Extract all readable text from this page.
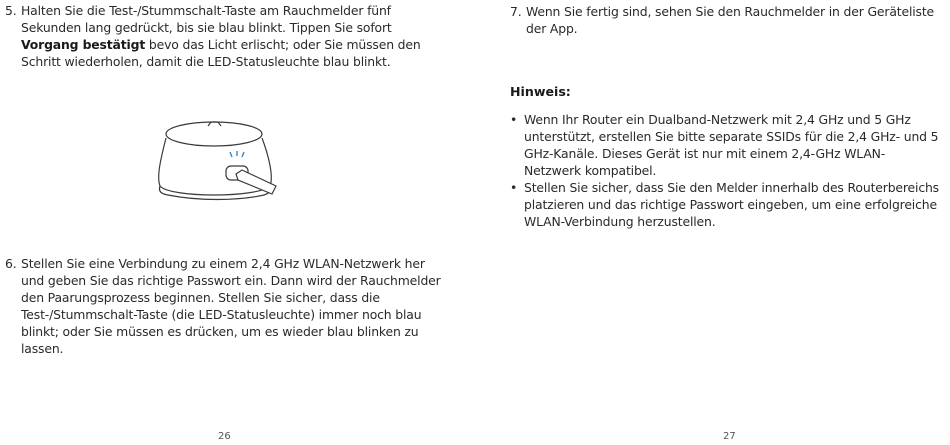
5. Halten Sie die Test-/Stummschalt-Taste am Rauchmelder fünf Sekunden lang gedrückt, bis sie blau blinkt. Tippen Sie sofort Vorgang bestätigt bevo das Licht erlischt; oder Sie müssen den Schritt wiederholen, damit die LED-Statusleuchte blau blinkt.

6. Stellen Sie eine Verbindung zu einem 2,4 GHz WLAN-Netzwerk her und geben Sie das richtige Passwort ein. Dann wird der Rauchmelder den Paarungsprozess beginnen. Stellen Sie sicher, dass die Test-/Stummschalt-Taste (die LED-Statusleuchte) immer noch blau blinkt; oder Sie müssen es drücken, um es wieder blau blinken zu lassen.

26

7. Wenn Sie fertig sind, sehen Sie den Rauchmelder in der Geräteliste der App.

Hinweis:

• Wenn Ihr Router ein Dualband-Netzwerk mit 2,4 GHz und 5 GHz unterstützt, erstellen Sie bitte separate SSIDs für die 2,4 GHz- und 5 GHz-Kanäle. Dieses Gerät ist nur mit einem 2,4-GHz WLAN-Netzwerk kompatibel.

• Stellen Sie sicher, dass Sie den Melder innerhalb des Routerbereichs platzieren und das richtige Passwort eingeben, um eine erfolgreiche WLAN-Verbindung herzustellen.

27
